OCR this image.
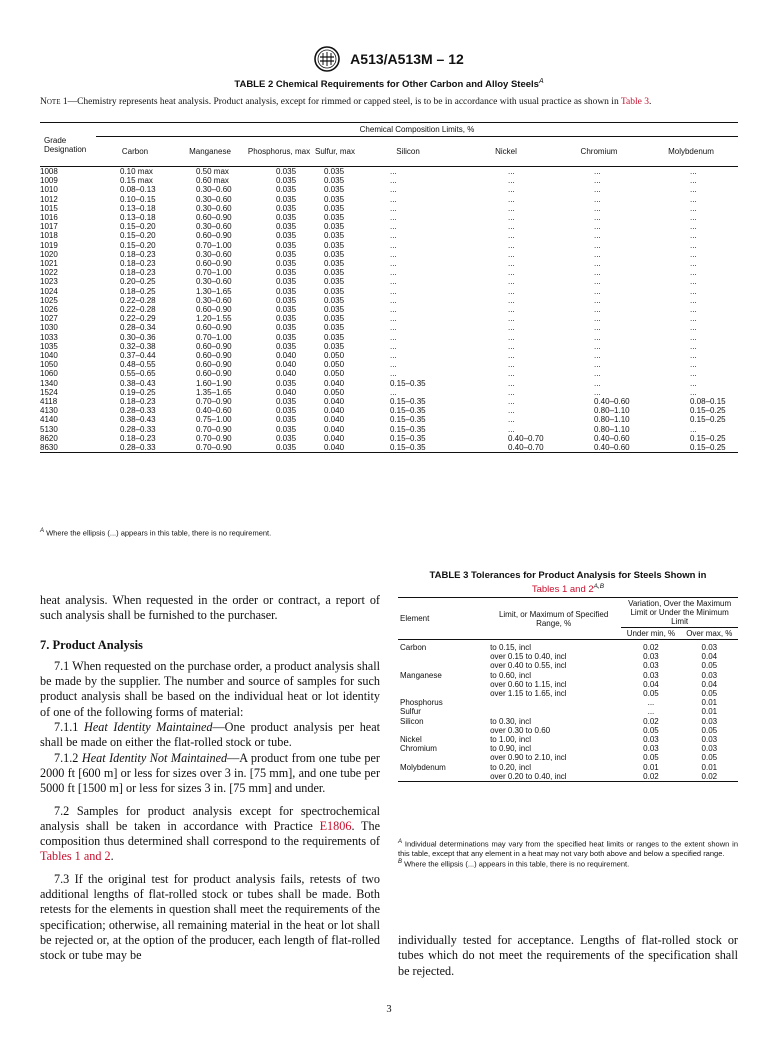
A513/A513M – 12
TABLE 2 Chemical Requirements for Other Carbon and Alloy Steels$^A$
Note 1—Chemistry represents heat analysis. Product analysis, except for rimmed or capped steel, is to be in accordance with usual practice as shown in Table 3.
Grade Designation	Chemical Composition Limits, %							
	Carbon	Manganese	Phosphorus, max	Sulfur, max	Silicon	Nickel	Chromium	Molybdenum
1008	0.10 max	0.50 max	0.035	0.035	...	...	...	...
1009	0.15 max	0.60 max	0.035	0.035	...	...	...	...
1010	0.08–0.13	0.30–0.60	0.035	0.035	...	...	...	...
1012	0.10–0.15	0.30–0.60	0.035	0.035	...	...	...	...
1015	0.13–0.18	0.30–0.60	0.035	0.035	...	...	...	...
1016	0.13–0.18	0.60–0.90	0.035	0.035	...	...	...	...
1017	0.15–0.20	0.30–0.60	0.035	0.035	...	...	...	...
1018	0.15–0.20	0.60–0.90	0.035	0.035	...	...	...	...
1019	0.15–0.20	0.70–1.00	0.035	0.035	...	...	...	...
1020	0.18–0.23	0.30–0.60	0.035	0.035	...	...	...	...
1021	0.18–0.23	0.60–0.90	0.035	0.035	...	...	...	...
1022	0.18–0.23	0.70–1.00	0.035	0.035	...	...	...	...
1023	0.20–0.25	0.30–0.60	0.035	0.035	...	...	...	...
1024	0.18–0.25	1.30–1.65	0.035	0.035	...	...	...	...
1025	0.22–0.28	0.30–0.60	0.035	0.035	...	...	...	...
1026	0.22–0.28	0.60–0.90	0.035	0.035	...	...	...	...
1027	0.22–0.29	1.20–1.55	0.035	0.035	...	...	...	...
1030	0.28–0.34	0.60–0.90	0.035	0.035	...	...	...	...
1033	0.30–0.36	0.70–1.00	0.035	0.035	...	...	...	...
1035	0.32–0.38	0.60–0.90	0.035	0.035	...	...	...	...
1040	0.37–0.44	0.60–0.90	0.040	0.050	...	...	...	...
1050	0.48–0.55	0.60–0.90	0.040	0.050	...	...	...	...
1060	0.55–0.65	0.60–0.90	0.040	0.050	...	...	...	...
1340	0.38–0.43	1.60–1.90	0.035	0.040	0.15–0.35	...	...	...
1524	0.19–0.25	1.35–1.65	0.040	0.050	...	...	...	...
4118	0.18–0.23	0.70–0.90	0.035	0.040	0.15–0.35	...	0.40–0.60	0.08–0.15
4130	0.28–0.33	0.40–0.60	0.035	0.040	0.15–0.35	...	0.80–1.10	0.15–0.25
4140	0.38–0.43	0.75–1.00	0.035	0.040	0.15–0.35	...	0.80–1.10	0.15–0.25
5130	0.28–0.33	0.70–0.90	0.035	0.040	0.15–0.35	...	0.80–1.10	...
8620	0.18–0.23	0.70–0.90	0.035	0.040	0.15–0.35	0.40–0.70	0.40–0.60	0.15–0.25
8630	0.28–0.33	0.70–0.90	0.035	0.040	0.15–0.35	0.40–0.70	0.40–0.60	0.15–0.25
$^A$ Where the ellipsis (...) appears in this table, there is no requirement.

heat analysis. When requested in the order or contract, a report of such analysis shall be furnished to the purchaser.

7. Product Analysis

7.1 When requested on the purchase order, a product analysis shall be made by the supplier. The number and source of samples for such product analysis shall be based on the individual heat or lot identity of one of the following forms of material:

7.1.1 Heat Identity Maintained—One product analysis per heat shall be made on either the flat-rolled stock or tube.

7.1.2 Heat Identity Not Maintained—A product from one tube per 2000 ft [600 m] or less for sizes over 3 in. [75 mm], and one tube per 5000 ft [1500 m] or less for sizes 3 in. [75 mm] and under.

7.2 Samples for product analysis except for spectrochemical analysis shall be taken in accordance with Practice E1806. The composition thus determined shall correspond to the requirements of Tables 1 and 2.

7.3 If the original test for product analysis fails, retests of two additional lengths of flat-rolled stock or tubes shall be made. Both retests for the elements in question shall meet the requirements of the specification; otherwise, all remaining material in the heat or lot shall be rejected or, at the option of the producer, each length of flat-rolled stock or tube may be

TABLE 3 Tolerances for Product Analysis for Steels Shown in
Tables 1 and $2^{A,B}$
Element	Limit, or Maximum of Specified Range, %	Variation, Over the Maximum Limit or Under the Minimum Limit	
		Under min, %	Over max, %
Carbon	to 0.15, incl	0.02	0.03
	over 0.15 to 0.40, incl	0.03	0.04
	over 0.40 to 0.55, incl	0.03	0.05
Manganese	to 0.60, incl	0.03	0.03
	over 0.60 to 1.15, incl	0.04	0.04
	over 1.15 to 1.65, incl	0.05	0.05
Phosphorus		...	0.01
Sulfur		...	0.01
Silicon	to 0.30, incl	0.02	0.03
	over 0.30 to 0.60	0.05	0.05
Nickel	to 1.00, incl	0.03	0.03
Chromium	to 0.90, incl	0.03	0.03
	over 0.90 to 2.10, incl	0.05	0.05
Molybdenum	to 0.20, incl	0.01	0.01
	over 0.20 to 0.40, incl	0.02	0.02
$^A$ Individual determinations may vary from the specified heat limits or ranges to the extent shown in this table, except that any element in a heat may not vary both above and below a specified range.
$^B$ Where the ellipsis (...) appears in this table, there is no requirement.

individually tested for acceptance. Lengths of flat-rolled stock or tubes which do not meet the requirements of the specification shall be rejected.

3
